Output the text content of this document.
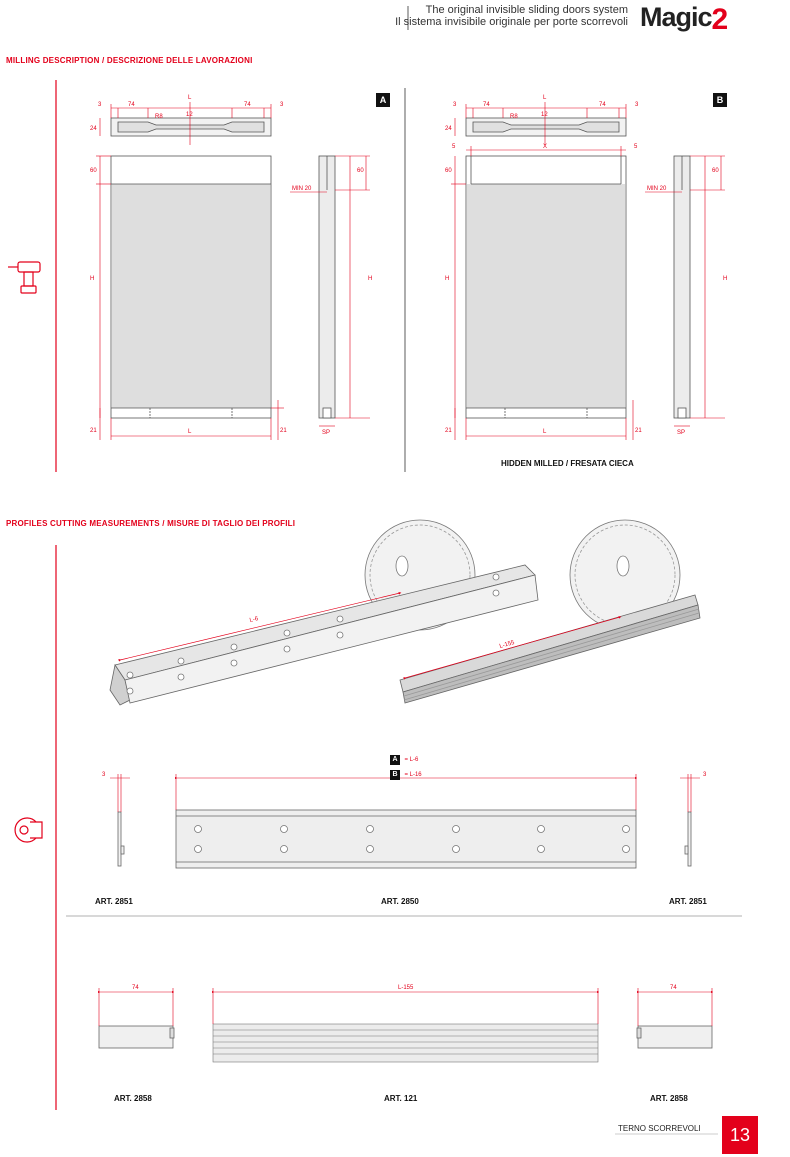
The original invisible sliding doors system
Il sistema invisibile originale per porte scorrevoli Magic2
MILLING DESCRIPTION / DESCRIZIONE DELLE LAVORAZIONI
PROFILES CUTTING MEASUREMENTS / MISURE DI TAGLIO DEI PROFILI
3	74
L
R8	12
74	3
24
60
H
21	21
L
MIN 20
60
H
SP
3	74
L
R8	12
74	3
24
5	X	5
60
H
21	21
L
MIN 20
60
H
SP
L-6
L-155
3	3
74	L-155	74
A	B
HIDDEN MILLED / FRESATA CIECA
A = L-6
B = L-16
ART. 2851	ART. 2850	ART. 2851
ART. 2858	ART. 121	ART. 2858
TERNO SCORREVOLI	13
